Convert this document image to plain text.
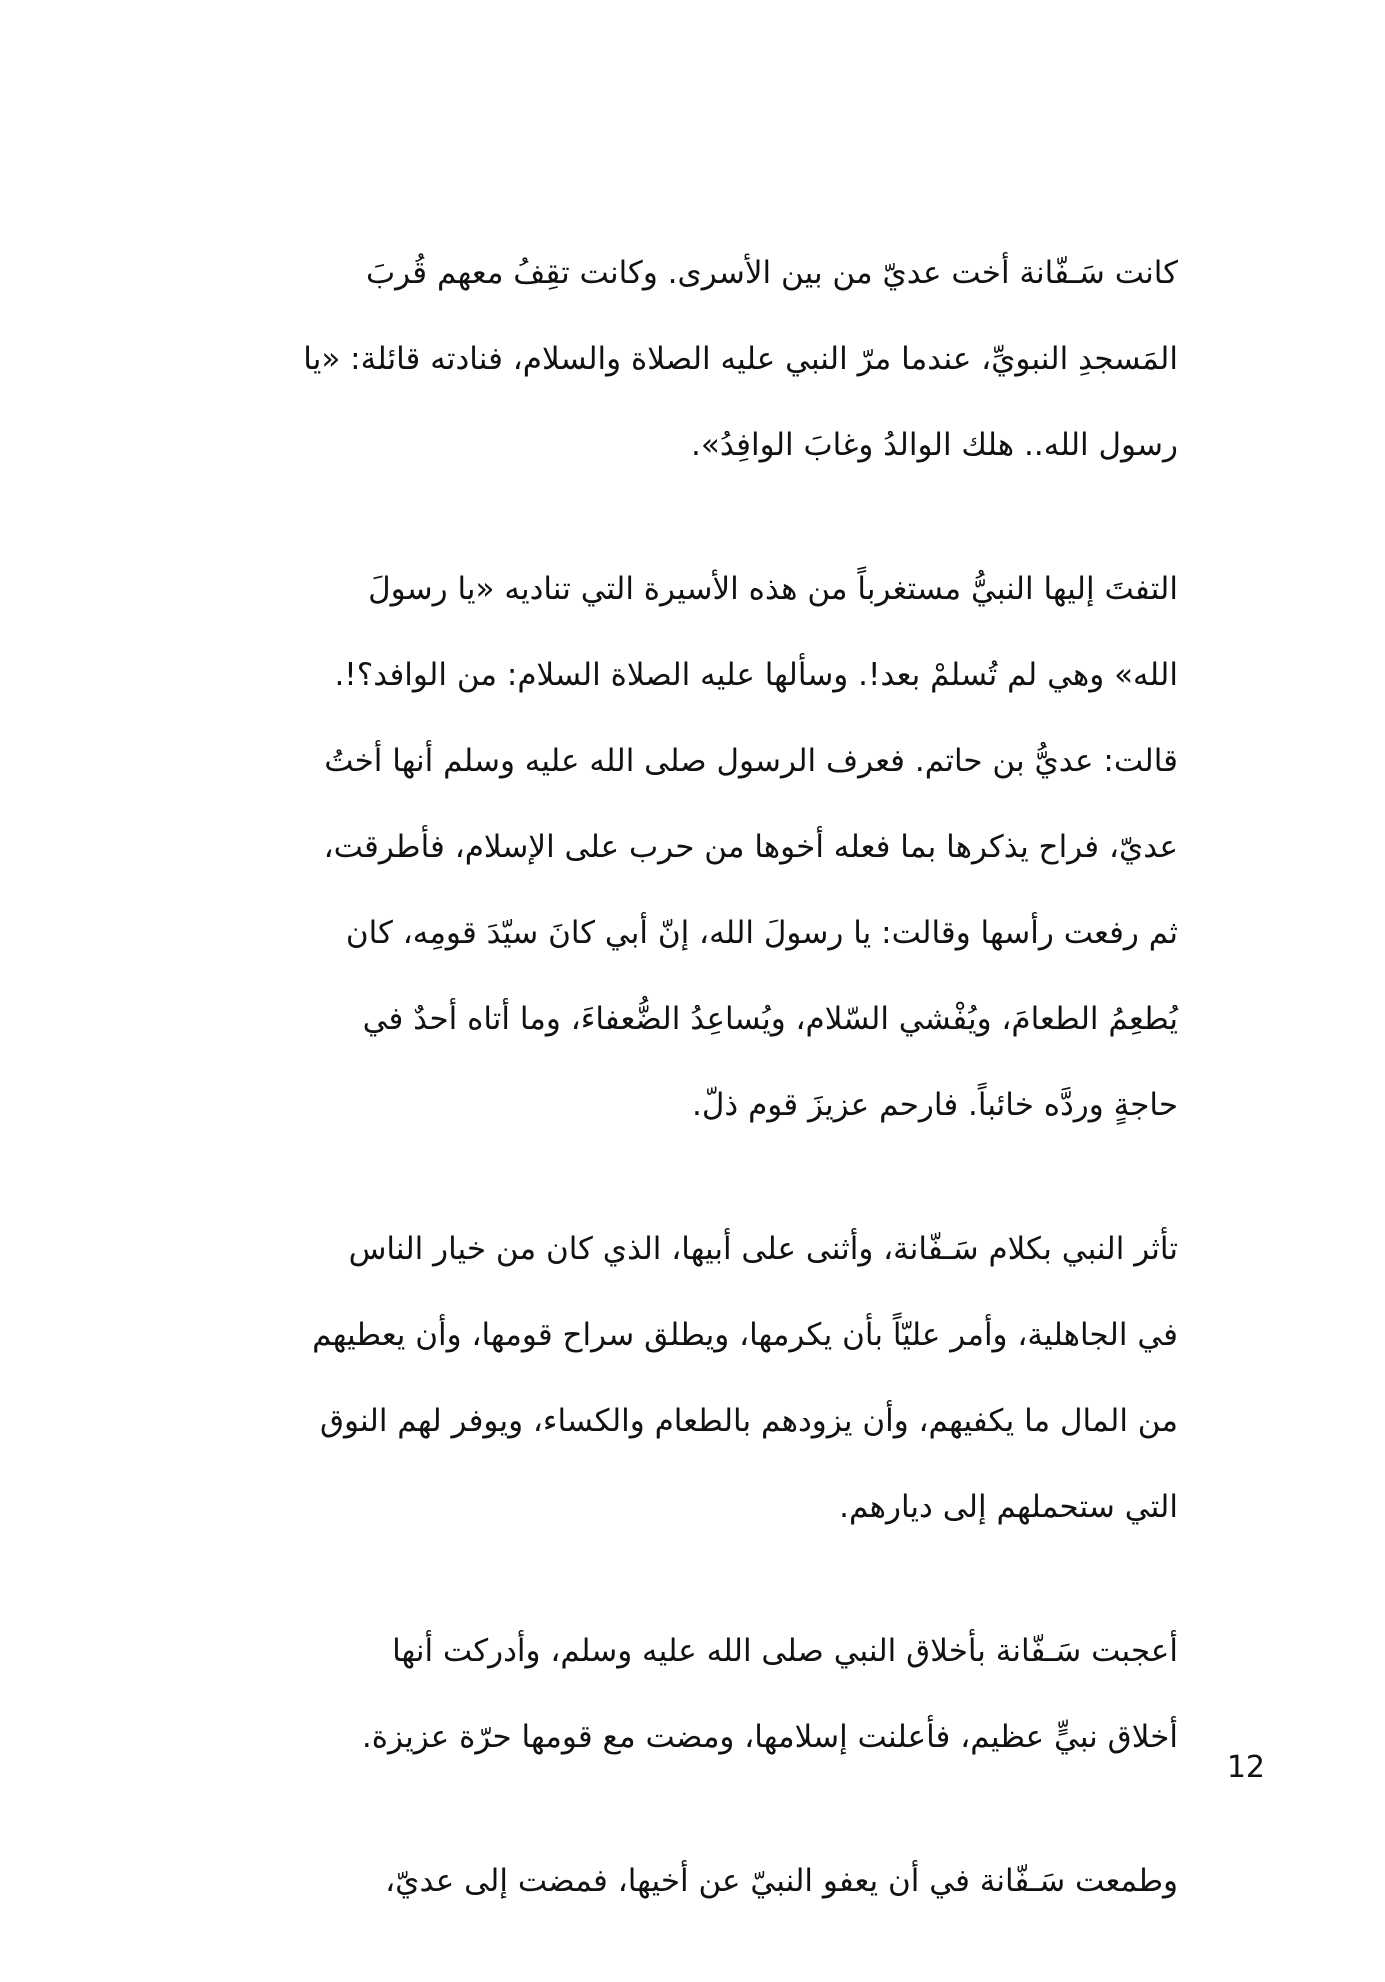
كانت سَـفّانة أخت عديّ من بين الأسرى. وكانت تقِفُ معهم قُربَ
المَسجدِ النبويِّ، عندما مرّ النبي عليه الصلاة والسلام، فنادته قائلة: «يا
رسول الله.. هلك الوالدُ وغابَ الوافِدُ».
التفتَ إليها النبيُّ مستغرباً من هذه الأسيرة التي تناديه «يا رسولَ
الله» وهي لم تُسلمْ بعد!. وسألها عليه الصلاة السلام: من الوافد؟!.
قالت: عديُّ بن حاتم. فعرف الرسول صلى الله عليه وسلم أنها أختُ
عديّ، فراح يذكرها بما فعله أخوها من حرب على الإسلام، فأطرقت،
ثم رفعت رأسها وقالت: يا رسولَ الله، إنّ أبي كانَ سيّدَ قومِه، كان
يُطعِمُ الطعامَ، ويُفْشي السّلام، ويُساعِدُ الضُّعفاءَ، وما أتاه أحدٌ في
حاجةٍ وردَّه خائباً. فارحم عزيزَ قوم ذلّ.
تأثر النبي بكلام سَـفّانة، وأثنى على أبيها، الذي كان من خيار الناس
في الجاهلية، وأمر عليّاً بأن يكرمها، ويطلق سراح قومها، وأن يعطيهم
من المال ما يكفيهم، وأن يزودهم بالطعام والكساء، ويوفر لهم النوق
التي ستحملهم إلى ديارهم.
أعجبت سَـفّانة بأخلاق النبي صلى الله عليه وسلم، وأدركت أنها
أخلاق نبيٍّ عظيم، فأعلنت إسلامها، ومضت مع قومها حرّة عزيزة.
وطمعت سَـفّانة في أن يعفو النبيّ عن أخيها، فمضت إلى عديّ،
12
